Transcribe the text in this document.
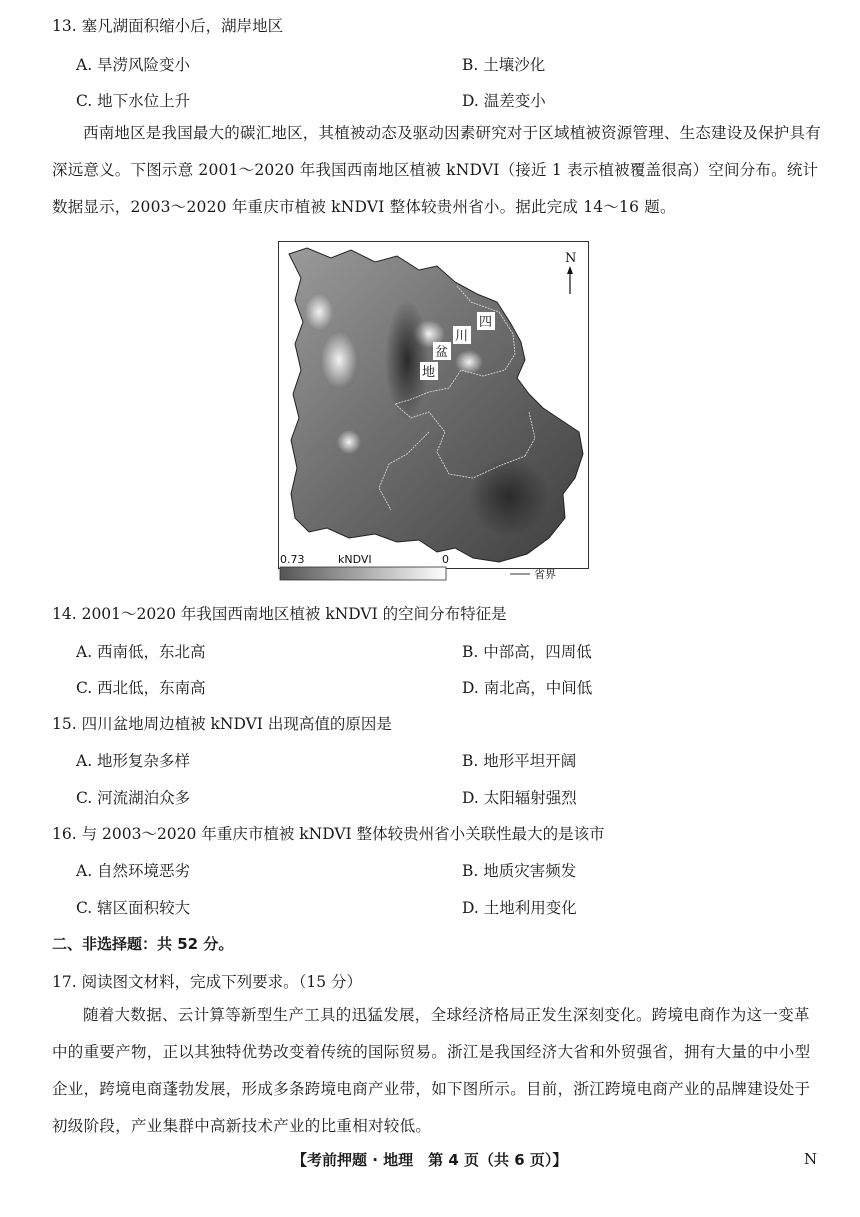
13. 塞凡湖面积缩小后，湖岸地区
A. 旱涝风险变小	B. 土壤沙化
C. 地下水位上升	D. 温差变小
西南地区是我国最大的碳汇地区，其植被动态及驱动因素研究对于区域植被资源管理、生态建设及保护具有深远意义。下图示意 2001～2020 年我国西南地区植被 kNDVI（接近 1 表示植被覆盖很高）空间分布。统计数据显示，2003～2020 年重庆市植被 kNDVI 整体较贵州省小。据此完成 14～16 题。
N
四
川
盆
地
0.73	kNDVI	0
省界
14. 2001～2020 年我国西南地区植被 kNDVI 的空间分布特征是
A. 西南低，东北高	B. 中部高，四周低
C. 西北低，东南高	D. 南北高，中间低
15. 四川盆地周边植被 kNDVI 出现高值的原因是
A. 地形复杂多样	B. 地形平坦开阔
C. 河流湖泊众多	D. 太阳辐射强烈
16. 与 2003～2020 年重庆市植被 kNDVI 整体较贵州省小关联性最大的是该市
A. 自然环境恶劣	B. 地质灾害频发
C. 辖区面积较大	D. 土地利用变化
二、非选择题：共 52 分。
17. 阅读图文材料，完成下列要求。（15 分）
随着大数据、云计算等新型生产工具的迅猛发展，全球经济格局正发生深刻变化。跨境电商作为这一变革中的重要产物，正以其独特优势改变着传统的国际贸易。浙江是我国经济大省和外贸强省，拥有大量的中小型企业，跨境电商蓬勃发展，形成多条跨境电商产业带，如下图所示。目前，浙江跨境电商产业的品牌建设处于初级阶段，产业集群中高新技术产业的比重相对较低。
【考前押题 · 地理　第 4 页（共 6 页）】	N
